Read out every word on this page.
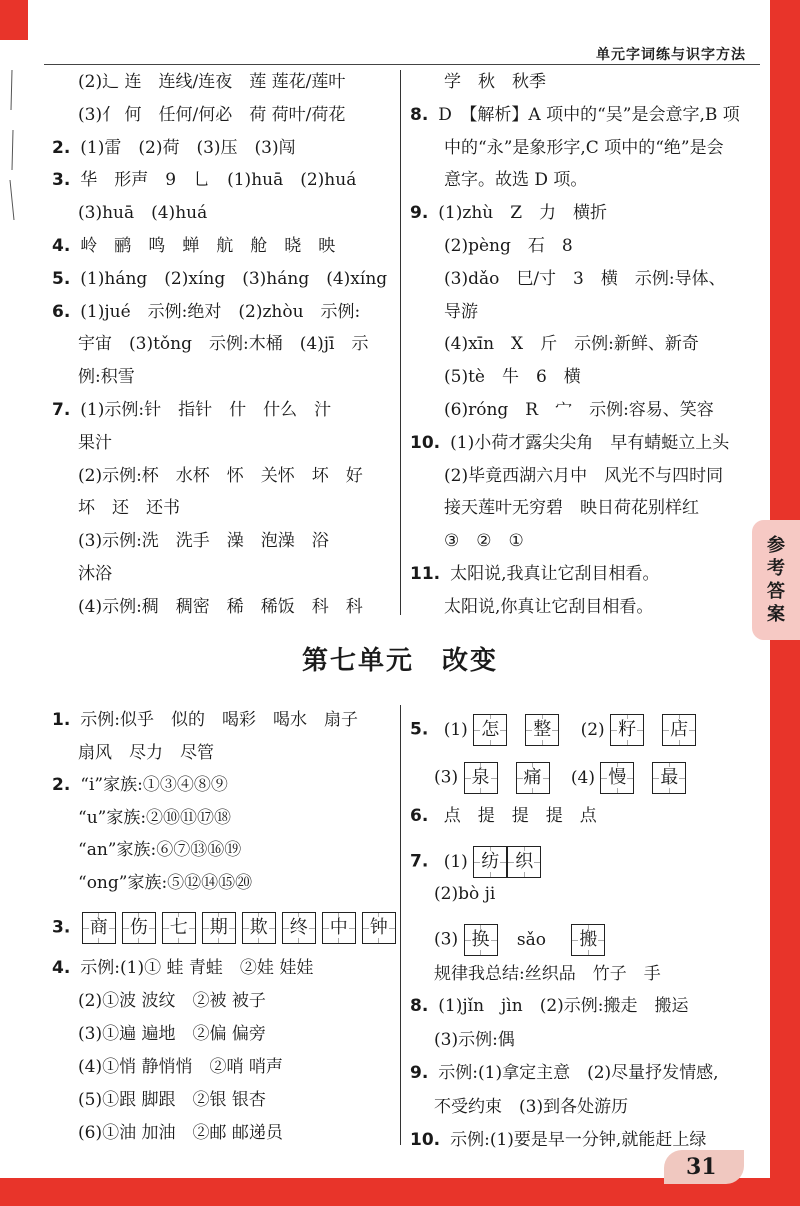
单元字词练与识字方法
参考答案
第七单元　改变
(2)辶 连　连线/连夜　莲 莲花/莲叶
(3)亻 何　任何/何必　荷 荷叶/荷花
2. (1)雷　(2)荷　(3)压　(3)闯
3. 华　形声　9　乚　(1)huā　(2)huá
(3)huā　(4)huá
4. 岭　鹂　鸣　蝉　航　舱　晓　映
5. (1)háng　(2)xíng　(3)háng　(4)xíng
6. (1)jué　示例:绝对　(2)zhòu　示例:
宇宙　(3)tǒng　示例:木桶　(4)jī　示
例:积雪
7. (1)示例:针　指针　什　什么　汁
果汁
(2)示例:杯　水杯　怀　关怀　坏　好
坏　还　还书
(3)示例:洗　洗手　澡　泡澡　浴
沐浴
(4)示例:稠　稠密　稀　稀饭　科　科
学　秋　秋季
8. D　【解析】A 项中的“吴”是会意字,B 项
中的“永”是象形字,C 项中的“绝”是会
意字。故选 D 项。
9. (1)zhù　Z　力　横折
(2)pèng　石　8
(3)dǎo　巳/寸　3　横　示例:导体、
导游
(4)xīn　X　斤　示例:新鲜、新奇
(5)tè　牛　6　横
(6)róng　R　宀　示例:容易、笑容
10. (1)小荷才露尖尖角　早有蜻蜓立上头
(2)毕竟西湖六月中　风光不与四时同
接天莲叶无穷碧　映日荷花别样红
③　②　①
11. 太阳说,我真让它刮目相看。
太阳说,你真让它刮目相看。
1. 示例:似乎　似的　喝彩　喝水　扇子
扇风　尽力　尽管
2. “i”家族:①③④⑧⑨
“u”家族:②⑩⑪⑰⑱
“an”家族:⑥⑦⑬⑯⑲
“ong”家族:⑤⑫⑭⑮⑳
3. 商 伤 七 期 欺 终 中 钟
4. 示例:(1)① 蛙 青蛙　②娃 娃娃
(2)①波 波纹　②被 被子
(3)①遍 遍地　②偏 偏旁
(4)①悄 静悄悄　②哨 哨声
(5)①跟 脚跟　②银 银杏
(6)①油 加油　②邮 邮递员
5. (1) 怎 整 (2) 籽 店
(3) 泉 痛 (4) 慢 最
6. 点　提　提　提　点
7. (1) 纺 织
(2)bò ji
(3) 换 sǎo 搬
规律我总结:丝织品　竹子　手
8. (1)jǐn　jìn　(2)示例:搬走　搬运
(3)示例:偶
9. 示例:(1)拿定主意　(2)尽量抒发情感,
不受约束　(3)到各处游历
10. 示例:(1)要是早一分钟,就能赶上绿
31
